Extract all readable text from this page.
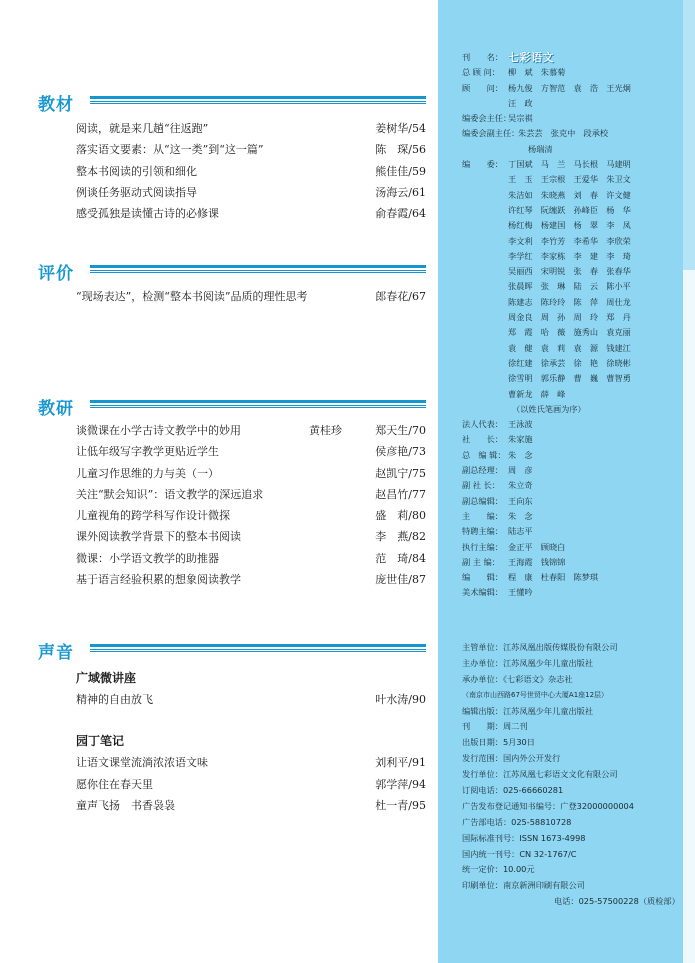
教材
阅读，就是来几趟“往返跑”	姜树华/54
落实语文要素：从“这一类”到“这一篇”	陈　琛/56
整本书阅读的引领和细化	熊佳佳/59
例谈任务驱动式阅读指导	汤海云/61
感受孤独是读懂古诗的必修课	俞春霞/64
评价
“现场表达”，检测“整本书阅读”品质的理性思考	郎春花/67
教研
谈微课在小学古诗文教学中的妙用	黄桂珍	郑天生/70
让低年级写字教学更贴近学生	侯彦艳/73
儿童习作思维的力与美（一）	赵凯宁/75
关注“默会知识”：语文教学的深远追求	赵昌竹/77
儿童视角的跨学科写作设计微探	盛　莉/80
课外阅读教学背景下的整本书阅读	李　燕/82
微课：小学语文教学的助推器	范　琦/84
基于语言经验积累的想象阅读教学	庞世佳/87
声音
广域微讲座
精神的自由放飞	叶水涛/90
园丁笔记
让语文课堂流淌浓浓语文味	刘利平/91
愿你住在春天里	郭学萍/94
童声飞扬　书香袅袅	杜一青/95
刊　　名： 七彩语文
总 顾 问： 柳　斌　朱慕菊
顾　　问： 杨九俊　方智范　袁　浩　王光炯
汪　政
编委会主任：
吴宗祺
编委会副主任：
朱芸芸　张克中　段承校
杨瑞清
编　　委： 丁国斌　马　兰　马长根　马建明
王　玉　王宗根　王爱华　朱卫文
朱洁如　朱晓燕　刘　春　许文健
许红琴　阮缠跃　孙峰臣　杨　华
杨红梅　杨建国　杨　翠　李　凤
李文利　李竹芳　李希华　李欣荣
李学红　李家栋　李　建　李　琦
吴丽西　宋明锐　张　春　张春华
张晨晖　张　琳　陆　云　陈小平
陈建志　陈玲玲　陈　萍　周仕龙
周金良　周　孙　周　玲　郑　丹
郑　霞　哈　薇　施秀山　袁克丽
袁　健　袁　莉　袁　源　钱建江
徐红建　徐承芸　徐　艳　徐晓彬
徐雪明　郭乐静　曹　巍　曹智勇
曹新龙　薛　峰
（以姓氏笔画为序）
法人代表： 王泳波
社　　长： 朱家施
总　编 辑： 朱　念
副总经理： 周　彦
副 社 长： 朱立奇
副总编辑： 王向东
主　　编： 朱　念
特聘主编： 陆志平
执行主编： 金正平　顾晓白
副 主 编： 王海霞　钱锦锦
编　　辑： 程　康　杜春阳　陈梦琪
美术编辑： 王懂吟
主管单位：江苏凤凰出版传媒股份有限公司
主办单位：江苏凤凰少年儿童出版社
承办单位：《七彩语文》杂志社
（南京市山西路67号世贸中心大厦A1座12层）
编辑出版：江苏凤凰少年儿童出版社
刊　　期：周二刊
出版日期：5月30日
发行范围：国内外公开发行
发行单位：江苏凤凰七彩语文文化有限公司
订阅电话：025-66660281
广告发布登记通知书编号：广登32000000004
广告部电话：025-58810728
国际标准刊号：ISSN 1673-4998
国内统一刊号：CN 32-1767/C
统一定价：10.00元
印刷单位：南京新洲印刷有限公司
电话：025-57500228（质检部）
